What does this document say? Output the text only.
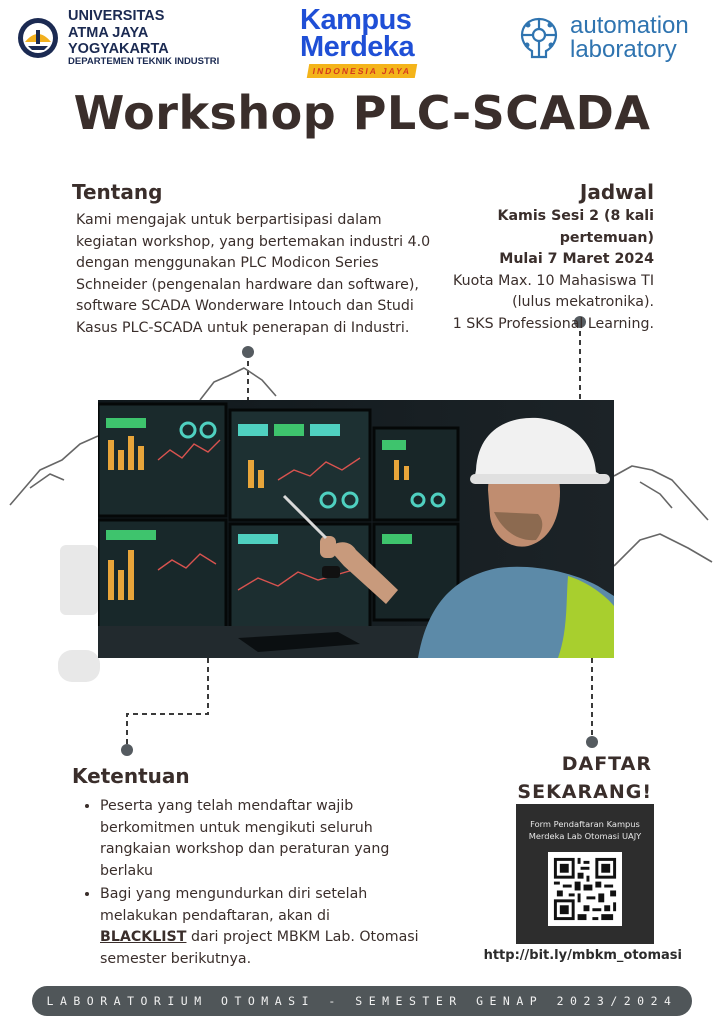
UNIVERSITAS
ATMA JAYA YOGYAKARTA
DEPARTEMEN TEKNIK INDUSTRI
Kampus
Merdeka
INDONESIA JAYA
automation
laboratory
Workshop PLC-SCADA
Tentang
Kami mengajak untuk berpartisipasi dalam kegiatan workshop, yang bertemakan industri 4.0 dengan menggunakan PLC Modicon Series Schneider (pengenalan hardware dan software), software SCADA Wonderware Intouch dan Studi Kasus PLC-SCADA untuk penerapan di Industri.
Jadwal
Kamis Sesi 2 (8 kali pertemuan)
Mulai 7 Maret 2024
Kuota Max. 10 Mahasiswa TI
(lulus mekatronika).
1 SKS Professional Learning.
Ketentuan
• Peserta yang telah mendaftar wajib berkomitmen untuk mengikuti seluruh rangkaian workshop dan peraturan yang berlaku
• Bagi yang mengundurkan diri setelah melakukan pendaftaran, akan di BLACKLIST dari project MBKM Lab. Otomasi semester berikutnya.
DAFTAR
SEKARANG!
Form Pendaftaran Kampus
Merdeka Lab Otomasi UAJY
http://bit.ly/mbkm_otomasi
LABORATORIUM OTOMASI - SEMESTER GENAP 2023/2024
